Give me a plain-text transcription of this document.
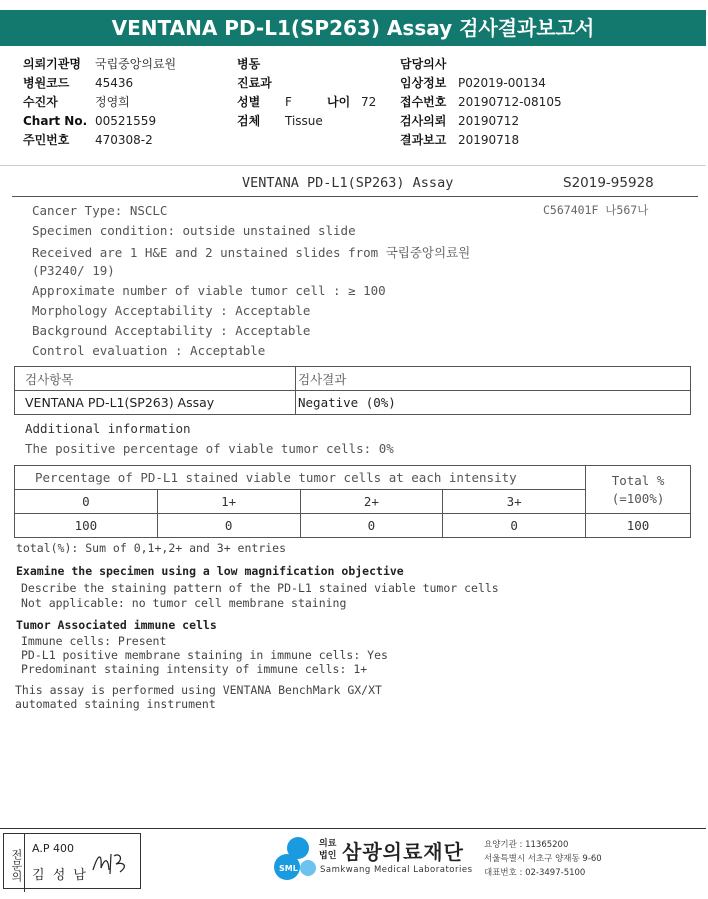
VENTANA PD-L1(SP263) Assay 검사결과보고서
의뢰기관명 국립중앙의료원
병원코드 45436
수진자	정영희
Chart No. 00521559
주민번호 470308-2
병동
진료과
성별 F	나이 72
검체 Tissue
담당의사
임상정보 P02019-00134
접수번호 20190712-08105
검사의뢰 20190712
결과보고 20190718
VENTANA PD-L1(SP263) Assay	S2019-95928
C567401F 나567나
Cancer Type: NSCLC
Specimen condition: outside unstained slide
Received are 1 H&E and 2 unstained slides from 국립중앙의료원
(P3240/ 19)
Approximate number of viable tumor cell : ≥ 100
Morphology Acceptability : Acceptable
Background Acceptability : Acceptable
Control evaluation : Acceptable
검사항목	검사결과
VENTANA PD-L1(SP263) Assay	Negative (0%)
Additional information
The positive percentage of viable tumor cells: 0%
Percentage of PD-L1 stained viable tumor cells at each intensity				Total %
(=100%)

0	1+	2+	3+	
100	0	0	0	100
total(%): Sum of 0,1+,2+ and 3+ entries
Examine the specimen using a low magnification objective
Describe the staining pattern of the PD-L1 stained viable tumor cells
Not applicable: no tumor cell membrane staining
Tumor Associated immune cells
Immune cells: Present
PD-L1 positive membrane staining in immune cells: Yes
Predominant staining intensity of immune cells: 1+
This assay is performed using VENTANA BenchMark GX/XT
automated staining instrument
전문의 A.P 400
김 성 남	SML
의료
법인 삼광의료재단
Samkwang Medical Laboratories
요양기관 : 11365200
서울특별시 서초구 양재동 9-60
대표번호 : 02-3497-5100
